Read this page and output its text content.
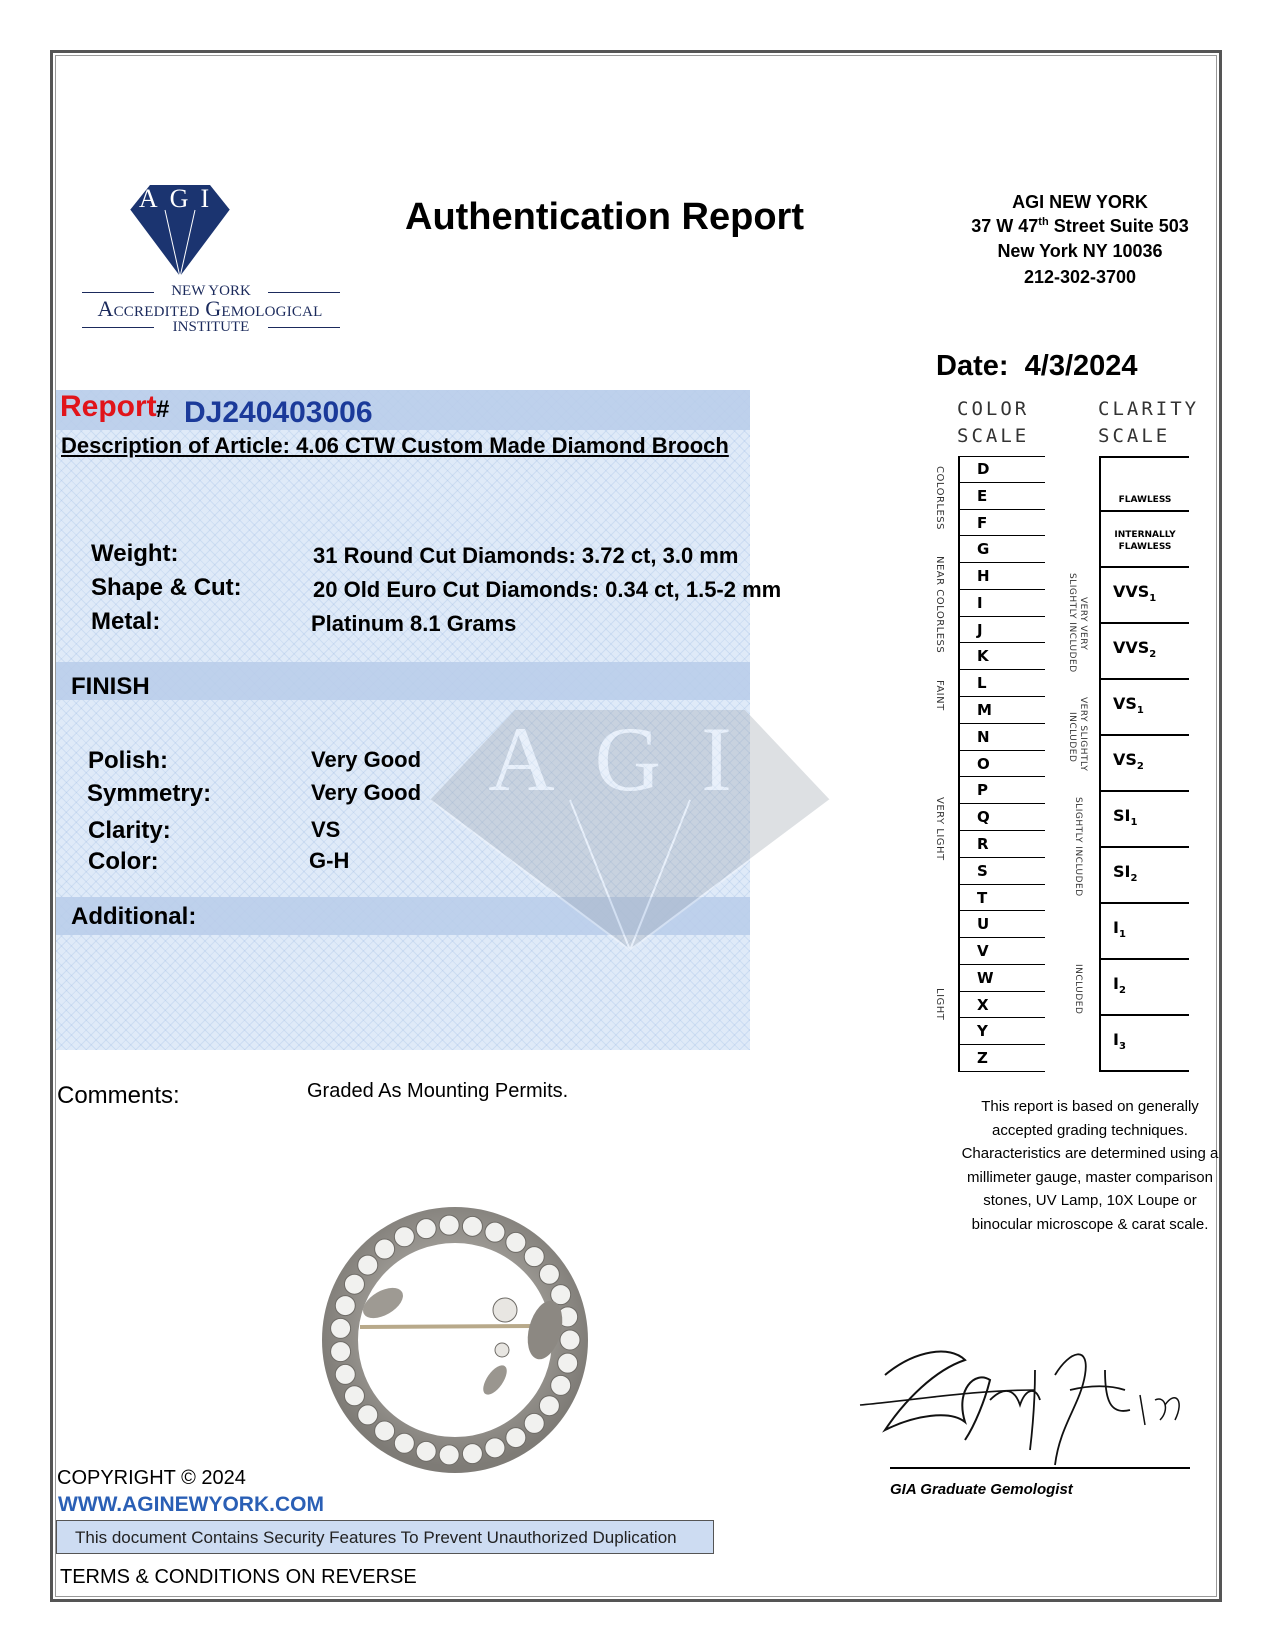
AGI
NEW YORK
Accredited Gemological
INSTITUTE
Authentication Report	AGI NEW YORK
37 W 47th Street Suite 503
New York NY 10036
212-302-3700
Date: 4/3/2024
AGI
Report # DJ240403006
Description of Article: 4.06 CTW Custom Made Diamond Brooch
Weight:	31 Round Cut Diamonds: 3.72 ct, 3.0 mm
Shape & Cut:	20 Old Euro Cut Diamonds: 0.34 ct, 1.5-2 mm
Metal:	Platinum 8.1 Grams
FINISH
Polish:	Very Good
Symmetry:	Very Good
Clarity:	VS
Color:	G-H
Additional:
Comments:	Graded As Mounting Permits.
COLOR
SCALE
D
E
F
G
H
I
J
K
L
M
N
O
P
Q
R
S
T
U
V
W
X
Y
Z
CLARITY
SCALE
FLAWLESS
INTERNALLY
FLAWLESS
$VVS_1$
$VVS_2$
$VS_1$
$VS_2$
$SI_1$
$SI_2$
$I_1$
$I_2$
$I_3$
This report is based on generally accepted grading techniques. Characteristics are determined using a millimeter gauge, master comparison stones, UV Lamp, 10X Loupe or binocular microscope & carat scale.
GIA Graduate Gemologist
COPYRIGHT © 2024
WWW.AGINEWYORK.COM
This document Contains Security Features To Prevent Unauthorized Duplication
TERMS & CONDITIONS ON REVERSE
COLORLESS
NEAR COLORLESS
FAINT
VERY LIGHT
LIGHT
VERY VERY
SLIGHTLY INCLUDED
VERY SLIGHTLY
INCLUDED
SLIGHTLY INCLUDED
INCLUDED
